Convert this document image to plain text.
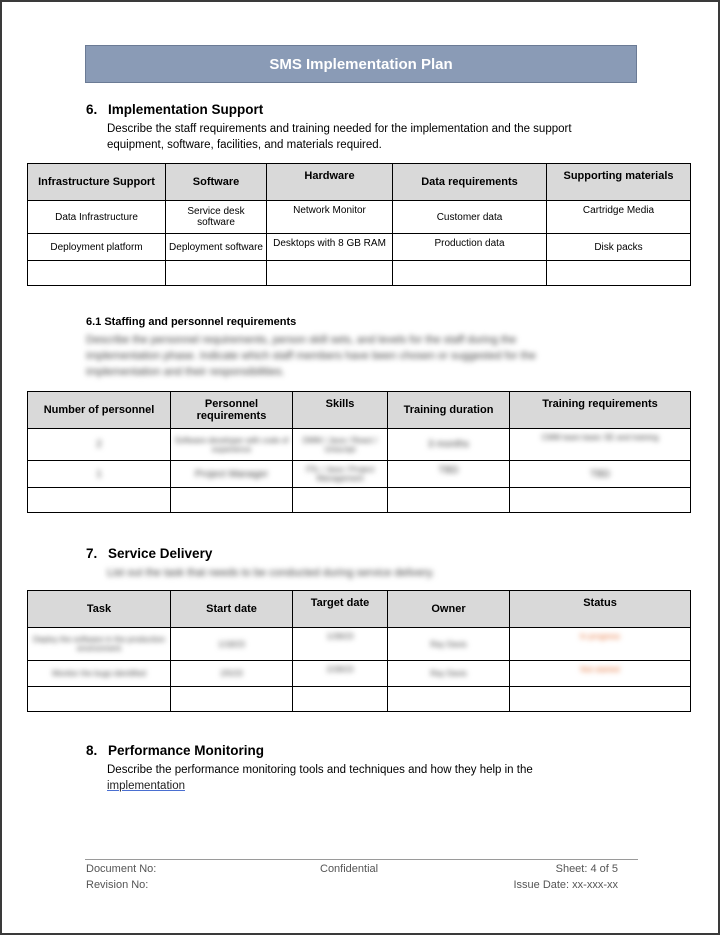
SMS Implementation Plan
6. Implementation Support
Describe the staff requirements and training needed for the implementation and the support
equipment, software, facilities, and materials required.
Infrastructure Support	Software	Hardware	Data requirements	Supporting materials
Data Infrastructure	Service desk software	Network Monitor	Customer data	Cartridge Media
Deployment platform	Deployment software	Desktops with 8 GB RAM	Production data	Disk packs

6.1 Staffing and personnel requirements
Describe the personnel requirements, person skill sets, and levels for the staff during the
implementation phase. Indicate which staff members have been chosen or suggested for the
implementation and their responsibilities.
Number of personnel	Personnel requirements	Skills	Training duration	Training requirements
2	Software developer with code of experience	DMM / Java / React / Uniscript	3 months	CMM team basic SE and training
1	Project Manager	ITIL / Java / Project Management	TBD	TBD

7. Service Delivery
List out the task that needs to be conducted during service delivery.
Task	Start date	Target date	Owner	Status
Deploy the software in the production environment	1/18/23	1/28/23	Ray Davis	In progress
Monitor the bugs identified	2/5/23	2/28/23	Ray Davis	Not started

8. Performance Monitoring
Describe the performance monitoring tools and techniques and how they help in the
implementation
Document No:
Revision No:
Confidential	Sheet: 4 of 5
Issue Date: xx-xxx-xx
